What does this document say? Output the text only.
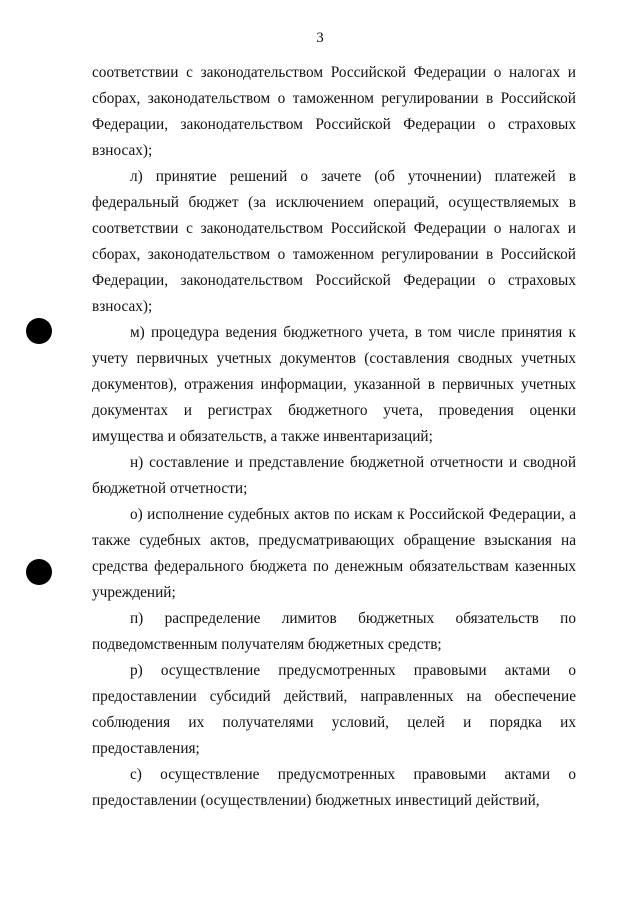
3

соответствии с законодательством Российской Федерации о налогах и сборах, законодательством о таможенном регулировании в Российской Федерации, законодательством Российской Федерации о страховых взносах);

л) принятие решений о зачете (об уточнении) платежей в федеральный бюджет (за исключением операций, осуществляемых в соответствии с законодательством Российской Федерации о налогах и сборах, законодательством о таможенном регулировании в Российской Федерации, законодательством Российской Федерации о страховых взносах);

м) процедура ведения бюджетного учета, в том числе принятия к учету первичных учетных документов (составления сводных учетных документов), отражения информации, указанной в первичных учетных документах и регистрах бюджетного учета, проведения оценки имущества и обязательств, а также инвентаризаций;

н) составление и представление бюджетной отчетности и сводной бюджетной отчетности;

о) исполнение судебных актов по искам к Российской Федерации, а также судебных актов, предусматривающих обращение взыскания на средства федерального бюджета по денежным обязательствам казенных учреждений;

п) распределение лимитов бюджетных обязательств по подведомственным получателям бюджетных средств;

р) осуществление предусмотренных правовыми актами о предоставлении субсидий действий, направленных на обеспечение соблюдения их получателями условий, целей и порядка их предоставления;

с) осуществление предусмотренных правовыми актами о предоставлении (осуществлении) бюджетных инвестиций действий,
